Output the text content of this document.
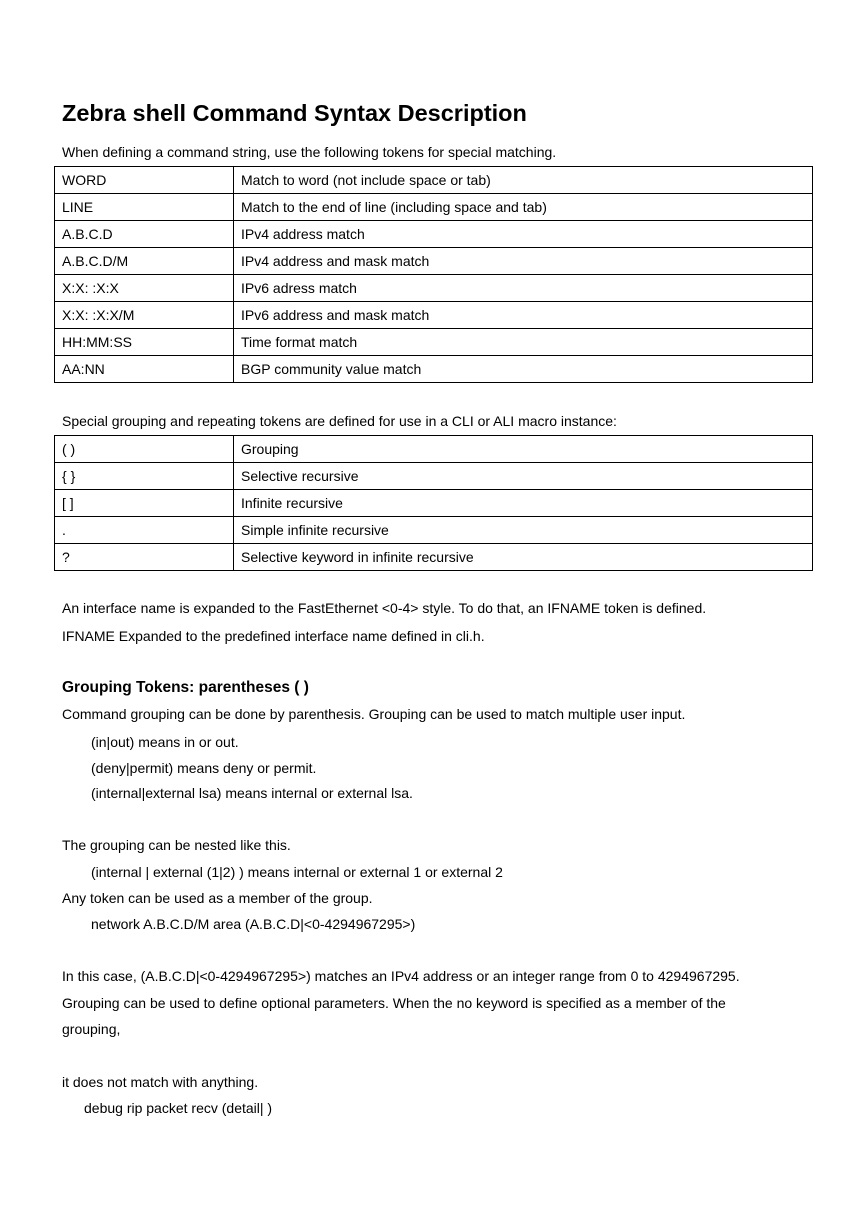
Zebra shell Command Syntax Description
When defining a command string, use the following tokens for special matching.
WORD	Match to word (not include space or tab)
LINE	Match to the end of line (including space and tab)
A.B.C.D	IPv4 address match
A.B.C.D/M	IPv4 address and mask match
X:X: :X:X	IPv6 adress match
X:X: :X:X/M	IPv6 address and mask match
HH:MM:SS	Time format match
AA:NN	BGP community value match
Special grouping and repeating tokens are defined for use in a CLI or ALI macro instance:
( )	Grouping
{ }	Selective recursive
[ ]	Infinite recursive
.	Simple infinite recursive
?	Selective keyword in infinite recursive
An interface name is expanded to the FastEthernet <0-4> style. To do that, an IFNAME token is defined.
IFNAME Expanded to the predefined interface name defined in cli.h.
Grouping Tokens: parentheses ( )
Command grouping can be done by parenthesis. Grouping can be used to match multiple user input.
(in|out) means in or out.
(deny|permit) means deny or permit.
(internal|external lsa) means internal or external lsa.
The grouping can be nested like this.
(internal | external (1|2) ) means internal or external 1 or external 2
Any token can be used as a member of the group.
network A.B.C.D/M area (A.B.C.D|<0-4294967295>)
In this case, (A.B.C.D|<0-4294967295>) matches an IPv4 address or an integer range from 0 to 4294967295.
Grouping can be used to define optional parameters. When the no keyword is specified as a member of the
grouping,
it does not match with anything.
debug rip packet recv (detail| )
